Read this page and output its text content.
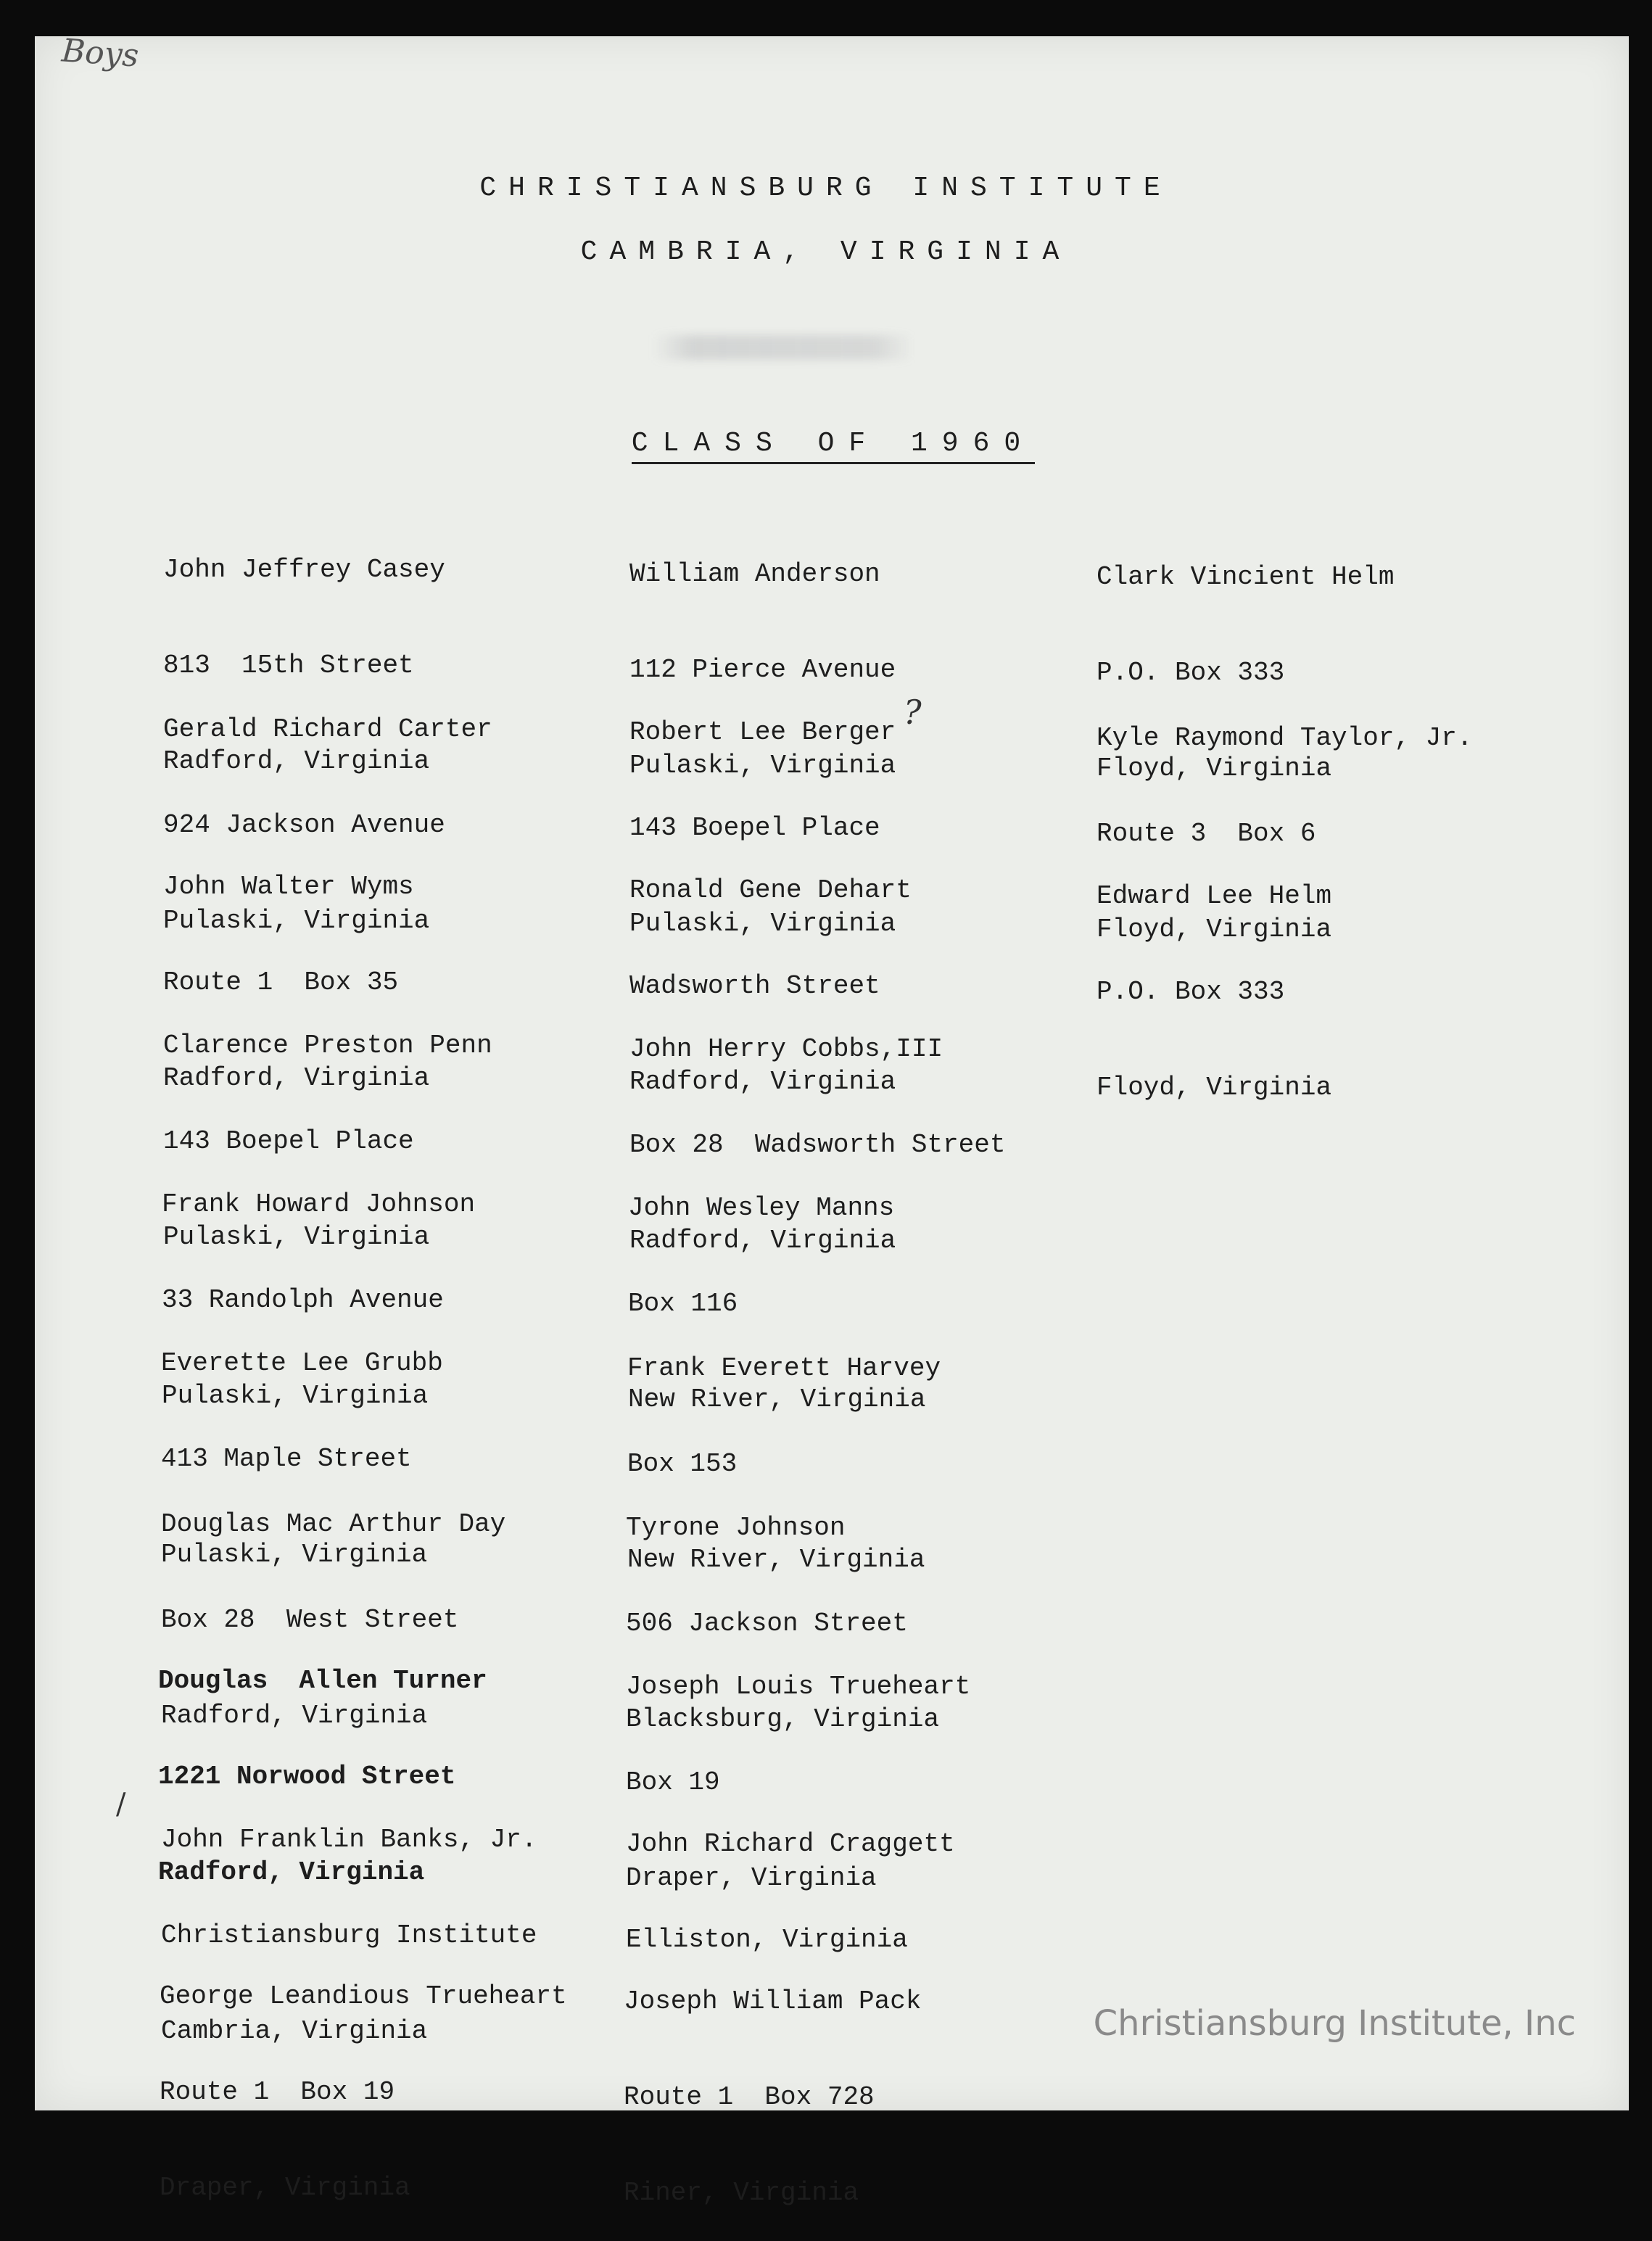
Boys
CHRISTIANSBURG INSTITUTE
CAMBRIA, VIRGINIA
CLASS OF 1960

John Jeffrey Casey

813  15th Street

Radford, Virginia

Gerald Richard Carter

924 Jackson Avenue

Pulaski, Virginia

John Walter Wyms

Route 1  Box 35

Radford, Virginia

Clarence Preston Penn

143 Boepel Place

Pulaski, Virginia

Frank Howard Johnson

33 Randolph Avenue

Pulaski, Virginia

Everette Lee Grubb

413 Maple Street

Pulaski, Virginia

Douglas Mac Arthur Day

Box 28  West Street

Radford, Virginia

Douglas  Allen Turner

1221 Norwood Street

Radford, Virginia

John Franklin Banks, Jr.

Christiansburg Institute

Cambria, Virginia

George Leandious Trueheart

Route 1  Box 19

Draper, Virginia

William Anderson

112 Pierce Avenue

Pulaski, Virginia

Robert Lee Berger

143 Boepel Place

Pulaski, Virginia

Ronald Gene Dehart

Wadsworth Street

Radford, Virginia

John Herry Cobbs,III

Box 28  Wadsworth Street

Radford, Virginia

John Wesley Manns

Box 116

New River, Virginia

Frank Everett Harvey

Box 153

New River, Virginia

Tyrone Johnson

506 Jackson Street

Blacksburg, Virginia

Joseph Louis Trueheart

Box 19

Draper, Virginia

John Richard Craggett

Elliston, Virginia

Joseph William Pack

Route 1  Box 728

Riner, Virginia

Clark Vincient Helm

P.O. Box 333

Floyd, Virginia

Kyle Raymond Taylor, Jr.

Route 3  Box 6

Floyd, Virginia

Edward Lee Helm

P.O. Box 333

Floyd, Virginia

?
/
Christiansburg Institute, Inc
